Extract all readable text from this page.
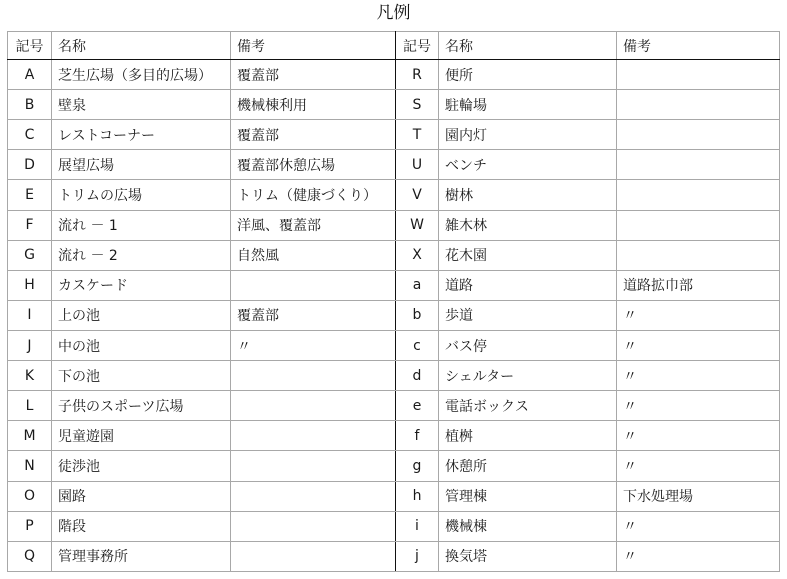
凡例
記号	名称	備考	記号	名称	備考
A	芝生広場（多目的広場）	覆蓋部	R	便所	
B	壁泉	機械棟利用	S	駐輪場	
C	レストコーナー	覆蓋部	T	園内灯	
D	展望広場	覆蓋部休憩広場	U	ベンチ	
E	トリムの広場	トリム（健康づくり）	V	樹林	
F	流れ － 1	洋風、覆蓋部	W	雑木林	
G	流れ － 2	自然風	X	花木園	
H	カスケード		a	道路	道路拡巾部
I	上の池	覆蓋部	b	歩道	〃
J	中の池	〃	c	バス停	〃
K	下の池		d	シェルター	〃
L	子供のスポーツ広場		e	電話ボックス	〃
M	児童遊園		f	植桝	〃
N	徒渉池		g	休憩所	〃
O	園路		h	管理棟	下水処理場
P	階段		i	機械棟	〃
Q	管理事務所		j	換気塔	〃
